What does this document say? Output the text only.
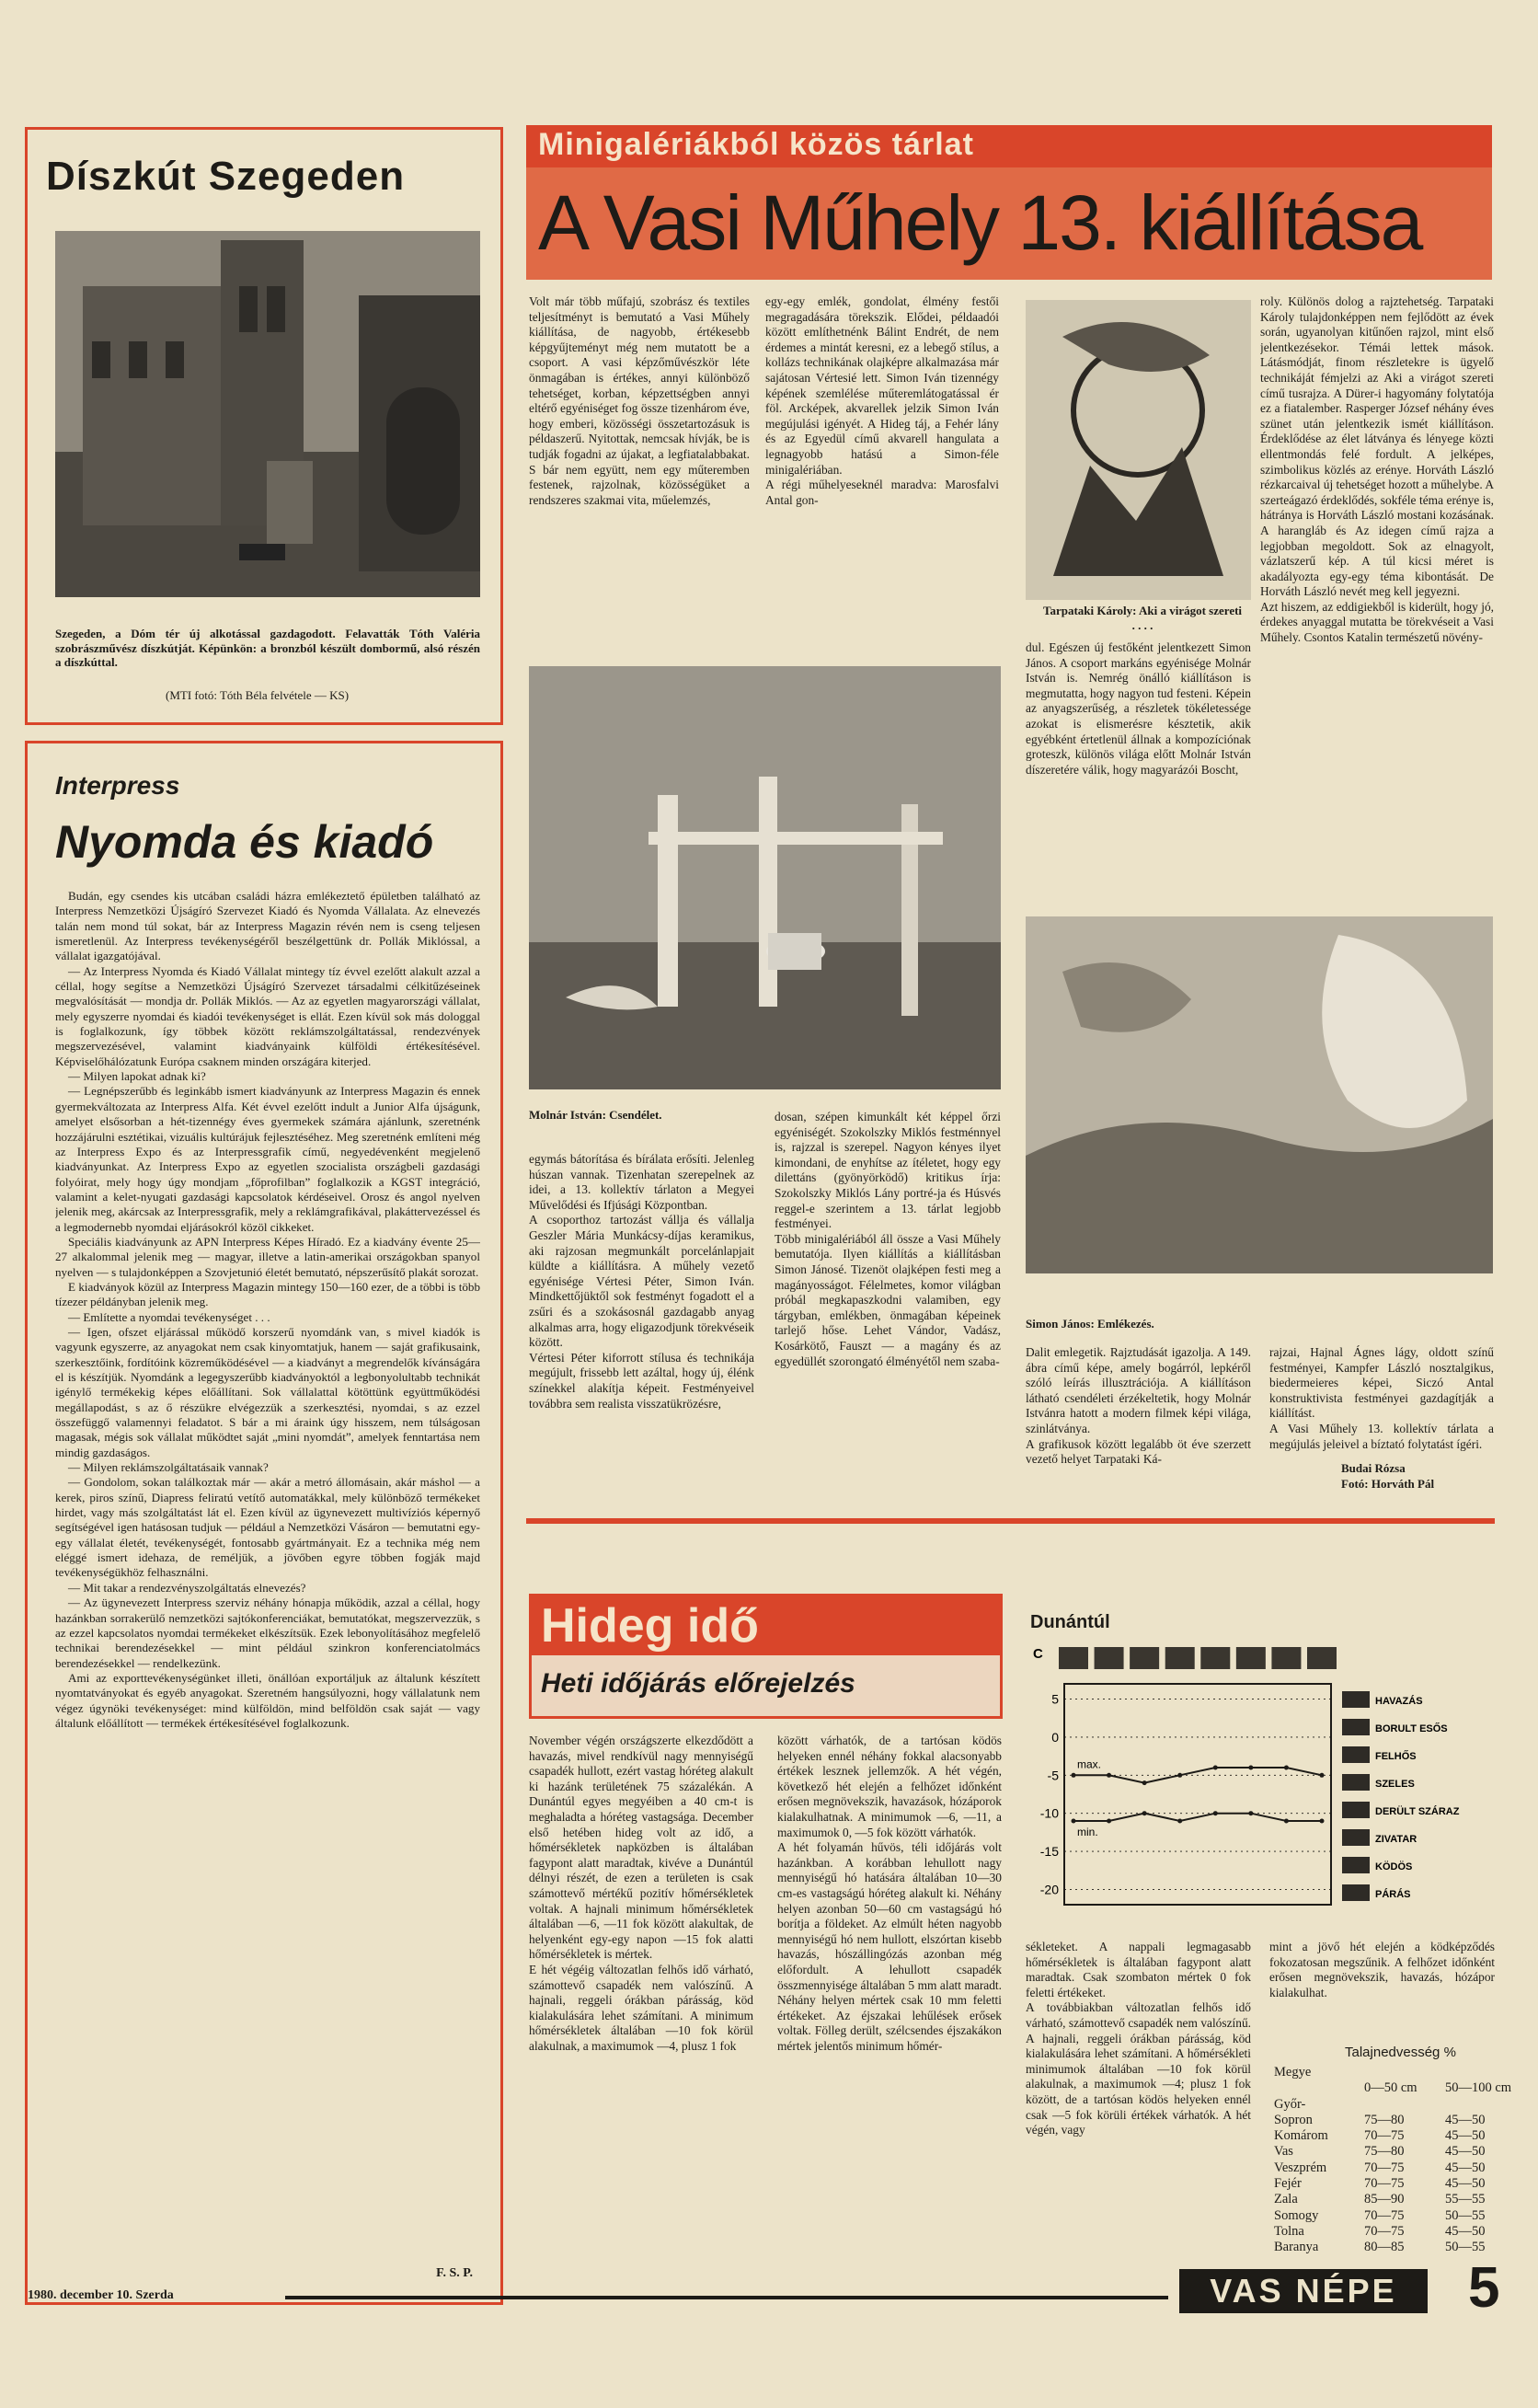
Díszkút Szegeden
Szegeden, a Dóm tér új alkotással gazdagodott. Felavatták Tóth Valéria szobrászművész díszkútját. Képünkön: a bronzból készült dombormű, alsó részén a díszkúttal.
(MTI fotó: Tóth Béla felvétele — KS)
Interpress
Nyomda és kiadó

Budán, egy csendes kis utcában családi házra emlékeztető épületben található az Interpress Nemzetközi Újságíró Szervezet Kiadó és Nyomda Vállalata. Az elnevezés talán nem mond túl sokat, bár az Interpress Magazin révén nem is cseng teljesen ismeretlenül. Az Interpress tevékenységéről beszélgettünk dr. Pollák Miklóssal, a vállalat igazgatójával.

— Az Interpress Nyomda és Kiadó Vállalat mintegy tíz évvel ezelőtt alakult azzal a céllal, hogy segítse a Nemzetközi Újságíró Szervezet társadalmi célkitűzéseinek megvalósítását — mondja dr. Pollák Miklós. — Az az egyetlen magyarországi vállalat, mely egyszerre nyomdai és kiadói tevékenységet is ellát. Ezen kívül sok más dologgal is foglalkozunk, így többek között reklámszolgáltatással, rendezvények megszervezésével, valamint kiadványaink külföldi értékesítésével. Képviselőhálózatunk Európa csaknem minden országára kiterjed.

— Milyen lapokat adnak ki?

— Legnépszerűbb és leginkább ismert kiadványunk az Interpress Magazin és ennek gyermekváltozata az Interpress Alfa. Két évvel ezelőtt indult a Junior Alfa újságunk, amelyet elsősorban a hét-tizennégy éves gyermekek számára ajánlunk, szeretnénk hozzájárulni esztétikai, vizuális kultúrájuk fejlesztéséhez. Meg szeretnénk említeni még az Interpress Expo és az Interpressgrafik című, negyedévenként megjelenő kiadványunkat. Az Interpress Expo az egyetlen szocialista országbeli gazdasági folyóirat, mely hogy úgy mondjam „főprofilban” foglalkozik a KGST integráció, valamint a kelet-nyugati gazdasági kapcsolatok kérdéseivel. Orosz és angol nyelven jelenik meg, akárcsak az Interpressgrafik, mely a reklámgrafikával, plakáttervezéssel és a legmodernebb nyomdai eljárásokról közöl cikkeket.

Speciális kiadványunk az APN Interpress Képes Híradó. Ez a kiadvány évente 25—27 alkalommal jelenik meg — magyar, illetve a latin-amerikai országokban spanyol nyelven — s tulajdonképpen a Szovjetunió életét bemutató, népszerűsítő plakát sorozat.

E kiadványok közül az Interpress Magazin mintegy 150—160 ezer, de a többi is több tízezer példányban jelenik meg.

— Említette a nyomdai tevékenységet . . .

— Igen, ofszet eljárással működő korszerű nyomdánk van, s mivel kiadók is vagyunk egyszerre, az anyagokat nem csak kinyomtatjuk, hanem — saját grafikusaink, szerkesztőink, fordítóink közreműködésével — a kiadványt a megrendelők kívánságára el is készítjük. Nyomdánk a legegyszerűbb kiadványoktól a legbonyolultabb technikát igénylő termékekig képes előállítani. Sok vállalattal kötöttünk együttműködési megállapodást, s az ő részükre elvégezzük a szerkesztési, nyomdai, s az ezzel összefüggő valamennyi feladatot. S bár a mi áraink úgy hisszem, nem túlságosan magasak, mégis sok vállalat működtet saját „mini nyomdát”, amelyek fenntartása nem mindig gazdaságos.

— Milyen reklámszolgáltatásaik vannak?

— Gondolom, sokan találkoztak már — akár a metró állomásain, akár máshol — a kerek, piros színű, Diapress feliratú vetítő automatákkal, mely különböző termékeket hirdet, vagy más szolgáltatást lát el. Ezen kívül az ügynevezett multivíziós képernyő segítségével igen hatásosan tudjuk — például a Nemzetközi Vásáron — bemutatni egy-egy vállalat életét, tevékenységét, fontosabb gyártmányait. Ez a technika még nem eléggé ismert idehaza, de reméljük, a jövőben egyre többen fogják majd tevékenységükhöz felhasználni.

— Mit takar a rendezvényszolgáltatás elnevezés?

— Az ügynevezett Interpress szerviz néhány hónapja működik, azzal a céllal, hogy hazánkban sorrakerülő nemzetközi sajtókonferenciákat, bemutatókat, megszervezzük, s az ezzel kapcsolatos nyomdai termékeket elkészítsük. Ezek lebonyolításához megfelelő technikai berendezésekkel — mint például szinkron konferenciatolmács berendezésekkel — rendelkezünk.

Ami az exporttevékenységünket illeti, önállóan exportáljuk az általunk készített nyomtatványokat és egyéb anyagokat. Szeretném hangsúlyozni, hogy vállalatunk nem végez úgynöki tevékenységet: mind külföldön, mind belföldön csak saját — vagy általunk előállított — termékek értékesítésével foglalkozunk.

F. S. P.
Minigalériákból közös tárlat
A Vasi Műhely 13. kiállítása
Volt már több műfajú, szobrász és textiles teljesítményt is bemutató a Vasi Műhely kiállítása, de nagyobb, értékesebb képgyűjteményt még nem mutatott be a csoport. A vasi képzőművészkör léte önmagában is értékes, annyi különböző tehetséget, korban, képzettségben annyi eltérő egyéniséget fog össze tizenhárom éve, hogy emberi, közösségi összetartozásuk is példaszerű. Nyitottak, nemcsak hívják, be is tudják fogadni az újakat, a legfiatalabbakat. S bár nem együtt, nem egy műteremben festenek, rajzolnak, közösségüket a rendszeres szakmai vita, műelemzés,
egy-egy emlék, gondolat, élmény festői megragadására törekszik. Elődei, példaadói között említhetnénk Bálint Endrét, de nem érdemes a mintát keresni, ez a lebegő stílus, a kollázs technikának olajképre alkalmazása már sajátosan Vértesié lett. Simon Iván tizennégy képének szemlélése műteremlátogatással ér föl. Arcképek, akvarellek jelzik Simon Iván megújulási igényét. A Hideg táj, a Fehér lány és az Egyedül című akvarell hangulata a legnagyobb hatású a Simon-féle minigalériában.
A régi műhelyeseknél maradva: Marosfalvi Antal gon-
Tarpataki Károly: Aki a virágot szereti . . . .
roly. Különös dolog a rajztehetség. Tarpataki Károly tulajdonképpen nem fejlődött az évek során, ugyanolyan kitűnően rajzol, mint első jelentkezésekor. Témái lettek mások. Látásmódját, finom részletekre is ügyelő technikáját fémjelzi az Aki a virágot szereti című tusrajza. A Dürer-i hagyomány folytatója ez a fiatalember. Rasperger József néhány éves szünet után jelentkezik ismét kiállításon. Érdeklődése az élet látványa és lényege közti ellentmondás felé fordult. A jelképes, szimbolikus közlés az erénye. Horváth László rézkarcaival új tehetséget hozott a műhelybe. A szerteágazó érdeklődés, sokféle téma erénye is, hátránya is Horváth László mostani kozásának. A harangláb és Az idegen című rajza a legjobban megoldott. Sok az elnagyolt, vázlatszerű kép. A túl kicsi méret is akadályozta egy-egy téma kibontását. De Horváth László nevét meg kell jegyezni.
Azt hiszem, az eddigiekből is kiderült, hogy jó, érdekes anyaggal mutatta be törekvéseit a Vasi Műhely. Csontos Katalin természetű növény-
Molnár István: Csendélet.
dul. Egészen új festőként jelentkezett Simon János. A csoport markáns egyénisége Molnár István is. Nemrég önálló kiállításon is megmutatta, hogy nagyon tud festeni. Képein az anyagszerűség, a részletek tökéletessége azokat is elismerésre késztetik, akik egyébként értetlenül állnak a kompozíciónak groteszk, különös világa előtt Molnár István díszeretére válik, hogy magyarázói Boscht,
Simon János: Emlékezés.
egymás bátorítása és bírálata erősíti. Jelenleg húszan vannak. Tizenhatan szerepelnek az idei, a 13. kollektív tárlaton a Megyei Művelődési és Ifjúsági Központban.
A csoporthoz tartozást vállja és vállalja Geszler Mária Munkácsy-díjas keramikus, aki rajzosan megmunkált porcelánlapjait küldte a kiállításra. A műhely vezető egyénisége Vértesi Péter, Simon Iván. Mindkettőjüktől sok festményt fogadott el a zsűri és a szokásosnál gazdagabb anyag alkalmas arra, hogy eligazodjunk törekvéseik között.
Vértesi Péter kiforrott stílusa és technikája megújult, frissebb lett azáltal, hogy új, élénk színekkel alakítja képeit. Festményeivel továbbra sem realista visszatükrözésre,
dosan, szépen kimunkált két képpel őrzi egyéniségét. Szokolszky Miklós festménnyel is, rajzzal is szerepel. Nagyon kényes ilyet kimondani, de enyhítse az ítéletet, hogy egy dilettáns (gyönyörködő) kritikus írja: Szokolszky Miklós Lány portré-ja és Húsvés reggel-e szerintem a 13. tárlat legjobb festményei.
Több minigalériából áll össze a Vasi Műhely bemutatója. Ilyen kiállítás a kiállításban Simon Jánosé. Tizenöt olajképen festi meg a magányosságot. Félelmetes, komor világban próbál megkapaszkodni valamiben, egy tárgyban, emlékben, önmagában képeinek tarlejő hőse. Lehet Vándor, Vadász, Kosárkötő, Fauszt — a magány és az egyedüllét szorongató élményétől nem szaba-
Dalit emlegetik. Rajztudását igazolja. A 149. ábra című képe, amely bogárról, lepkéről szóló leírás illusztrációja. A kiállításon látható csendéleti érzékeltetik, hogy Molnár Istvánra hatott a modern filmek képi világa, szinlátványa.
A grafikusok között legalább öt éve szerzett vezető helyet Tarpataki Ká-
rajzai, Hajnal Ágnes lágy, oldott színű festményei, Kampfer László nosztalgikus, biedermeieres képei, Siczó Antal konstruktivista festményei gazdagítják a kiállítást.
A Vasi Műhely 13. kollektív tárlata a megújulás jeleivel a bíztató folytatást ígéri.
Budai Rózsa
Fotó: Horváth Pál
Hideg idő
Heti időjárás előrejelzés
November végén országszerte elkezdődött a havazás, mivel rendkívül nagy mennyiségű csapadék hullott, ezért vastag hóréteg alakult ki hazánk területének 75 százalékán. A Dunántúl egyes megyéiben a 40 cm-t is meghaladta a hóréteg vastagsága. December első hetében hideg volt az idő, a hőmérsékletek napközben is általában fagypont alatt maradtak, kivéve a Dunántúl délnyi részét, de ezen a területen is csak számottevő mértékű pozitív hőmérsékletek voltak. A hajnali minimum hőmérsékletek általában —6, —11 fok között alakultak, de helyenként egy-egy napon —15 fok alatti hőmérsékletek is mértek.
E hét végéig változatlan felhős idő várható, számottevő csapadék nem valószínű. A hajnali, reggeli órákban párásság, köd kialakulására lehet számítani. A minimum hőmérsékletek általában —10 fok körül alakulnak, a maximumok —4, plusz 1 fok
között várhatók, de a tartósan ködös helyeken ennél néhány fokkal alacsonyabb értékek lesznek jellemzők. A hét végén, következő hét elején a felhőzet időnként erősen megnövekszik, havazások, hózáporok kialakulhatnak. A minimumok —6, —11, a maximumok 0, —5 fok között várhatók.
A hét folyamán hűvös, téli időjárás volt hazánkban. A korábban lehullott nagy mennyiségű hó hatására általában 10—30 cm-es vastagságú hóréteg alakult ki. Néhány helyen azonban 50—60 cm vastagságú hó borítja a földeket. Az elmúlt héten nagyobb mennyiségű hó nem hullott, elszórtan kisebb havazás, hószállingózás azonban még előfordult. A lehullott csapadék összmennyisége általában 5 mm alatt maradt. Néhány helyen mértek csak 10 mm feletti értékeket. Az éjszakai lehűlések erősek voltak. Fölleg derült, szélcsendes éjszakákon mértek jelentős minimum hőmér-
Dunántúl
C
5
0
-5
-10
-15
-20
max.
min.
HAVAZÁS
BORULT ESŐS
FELHŐS
SZELES
DERÜLT SZÁRAZ
ZIVATAR
KÖDÖS
PÁRÁS
sékleteket. A nappali legmagasabb hőmérsékletek is általában fagypont alatt maradtak. Csak szombaton mértek 0 fok feletti értékeket.
A továbbiakban változatlan felhős idő várható, számottevő csapadék nem valószínű. A hajnali, reggeli órákban párásság, köd kialakulására lehet számítani. A hőmérsékleti minimumok általában —10 fok körül alakulnak, a maximumok —4; plusz 1 fok között, de a tartósan ködös helyeken ennél csak —5 fok körüli értékek várhatók. A hét végén, vagy
mint a jövő hét elején a ködképződés fokozatosan megszűnik. A felhőzet időnként erősen megnövekszik, havazás, hózápor kialakulhat.
Talajnedvesség %
Megye		
	0—50 cm	50—100 cm
Győr-		
Sopron	75—80	45—50
Komárom	70—75	45—50
Vas	75—80	45—50
Veszprém	70—75	45—50
Fejér	70—75	45—50
Zala	85—90	55—55
Somogy	70—75	50—55
Tolna	70—75	45—50
Baranya	80—85	50—55
1980. december 10. Szerda	VAS NÉPE	5
